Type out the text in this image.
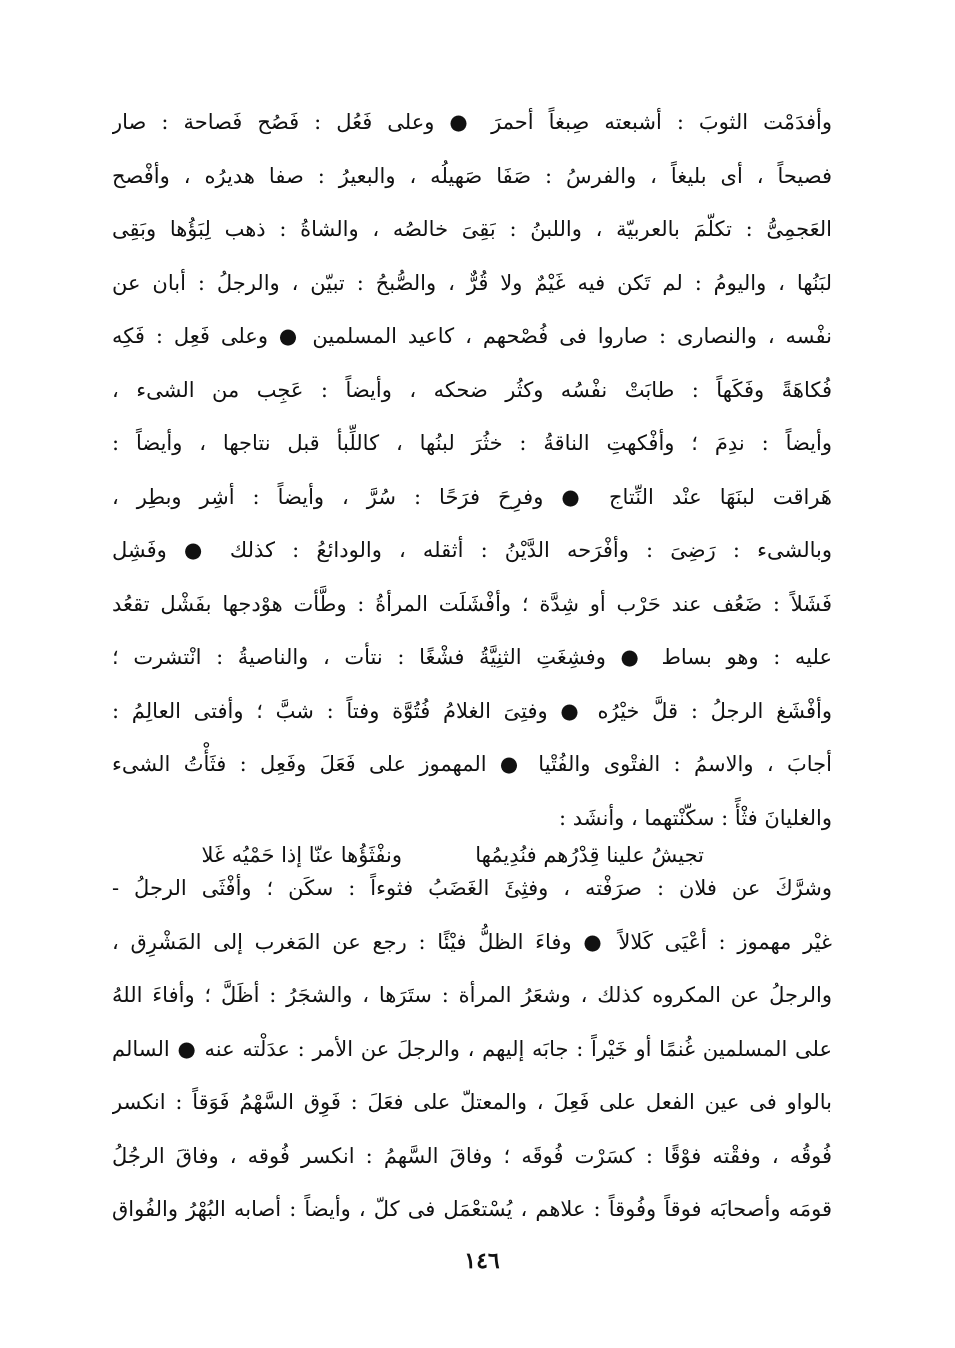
وأفدَمْت الثوبَ : أشبعته صِبغاً أحمرَ ● وعلى فَعُل : فَصُح فَصاحة : صار
فصيحاً ، أى بليغاً ، والفرسُ : صَفَا صَهيلُه ، والبعيرُ : صفا هديرُه ، وأفْصح
العَجمِىُّ : تكلّمَ بالعربيّة ، واللبنُ : بَقِىَ خالصُه ، والشاةُ : ذهب لِبَؤُها وبَقِى
لبَنُها ، واليومُ : لم تَكن فيه غَيْمٌ ولا قُرٌّ ، والصُّبحُ : تبيّن ، والرجلُ : أبان عن
نفْسه ، والنصارى : صاروا فى فُصْحهم ، كاعيد المسلمين ● وعلى فَعِل : فَكِه
فُكاهَةً وفَكَهاً : طابَتْ نفْسُه وكثُر ضحكه ، وأيضاً : عَجِب من الشىء ،
وأيضاً : ندِمَ ؛ وأفْكهتِ الناقةُ : خثُرَ لبنُها ، كاللِّبأ قبل نتاجها ، وأيضاً :
هَراقت لبنَهَا عنْد النِّتاج ● وفرِحَ فرَحًا : سُرَّ ، وأيضاً : أشِر وبطِر ،
وبالشىء : رَضِىَ : وأفْرَحه الدَّيْنُ : أثقله ، والودائعُ : كذلك ● وفَشِل
فَشَلاً : ضَعُف عند حَرْب أو شِدَّة ؛ وأفْشَلَت المرأةُ : وطَّأت هوْدجها بفَشْل تقعُد
عليه : وهو بساط ● وفشِغَتِ الثنِيَّةُ فشْغًا : نتأت ، والناصيةُ : انْتشرت ؛
وأفْشَغ الرجلُ : قلَّ خيْرُه ● وفتِىَ الغلامُ فُتُوَّة وفتاً : شبَّ ؛ وأفتى العالِمُ :
أجابَ ، والاسمُ : الفتْوى والفُتْيا ● المهموز على فَعَلَ وفَعِل : فثَأْتُ الشىء
والغليانَ فثْأً : سكّنْتهما ، وأنشَد :
تجيشُ علينا قِدْرُهم فنُدِيمُها
ونفْثَؤُها عنّا إذا حَمْيُه غَلا
وشرَّكَ عن فلان : صرَفْته ، وفثِئَ الغَضَبُ فثوءاً : سكَن ؛ وأفْثَى الرجلُ -
غيْر مهموز : أعْيَى كَلالاً ● وفاءَ الظلُّ فيْئًا : رجع عن المَغرب إلى المَشْرِق ،
والرجلُ عن المكروه كذلك ، وشعَرُ المرأة : ستَرَها ، والشجَرُ : أظَلَّ ؛ وأفاءَ اللهُ
على المسلمين غُنمًا أو خَيْراً : جابَه إليهم ، والرجلَ عن الأمر : عدَلْته عنه ● السالم
بالواو فى عين الفعل على فَعِلَ ، والمعتلّ على فعَلَ : فَوِق السَّهْمُ فَوَقاً : انكسر
فُوقُه ، وفقْته فوْقًا : كسَرْت فُوقَه ؛ وفاقَ السَّهمُ : انكسر فُوقه ، وفاقَ الرجُلُ
قومَه وأصحابَه فوقاً وفُوقاً : علاهم ، يُسْتعْمَل فى كلّ ، وأيضاً : أصابه البُهْرُ والفُواق
١٤٦
